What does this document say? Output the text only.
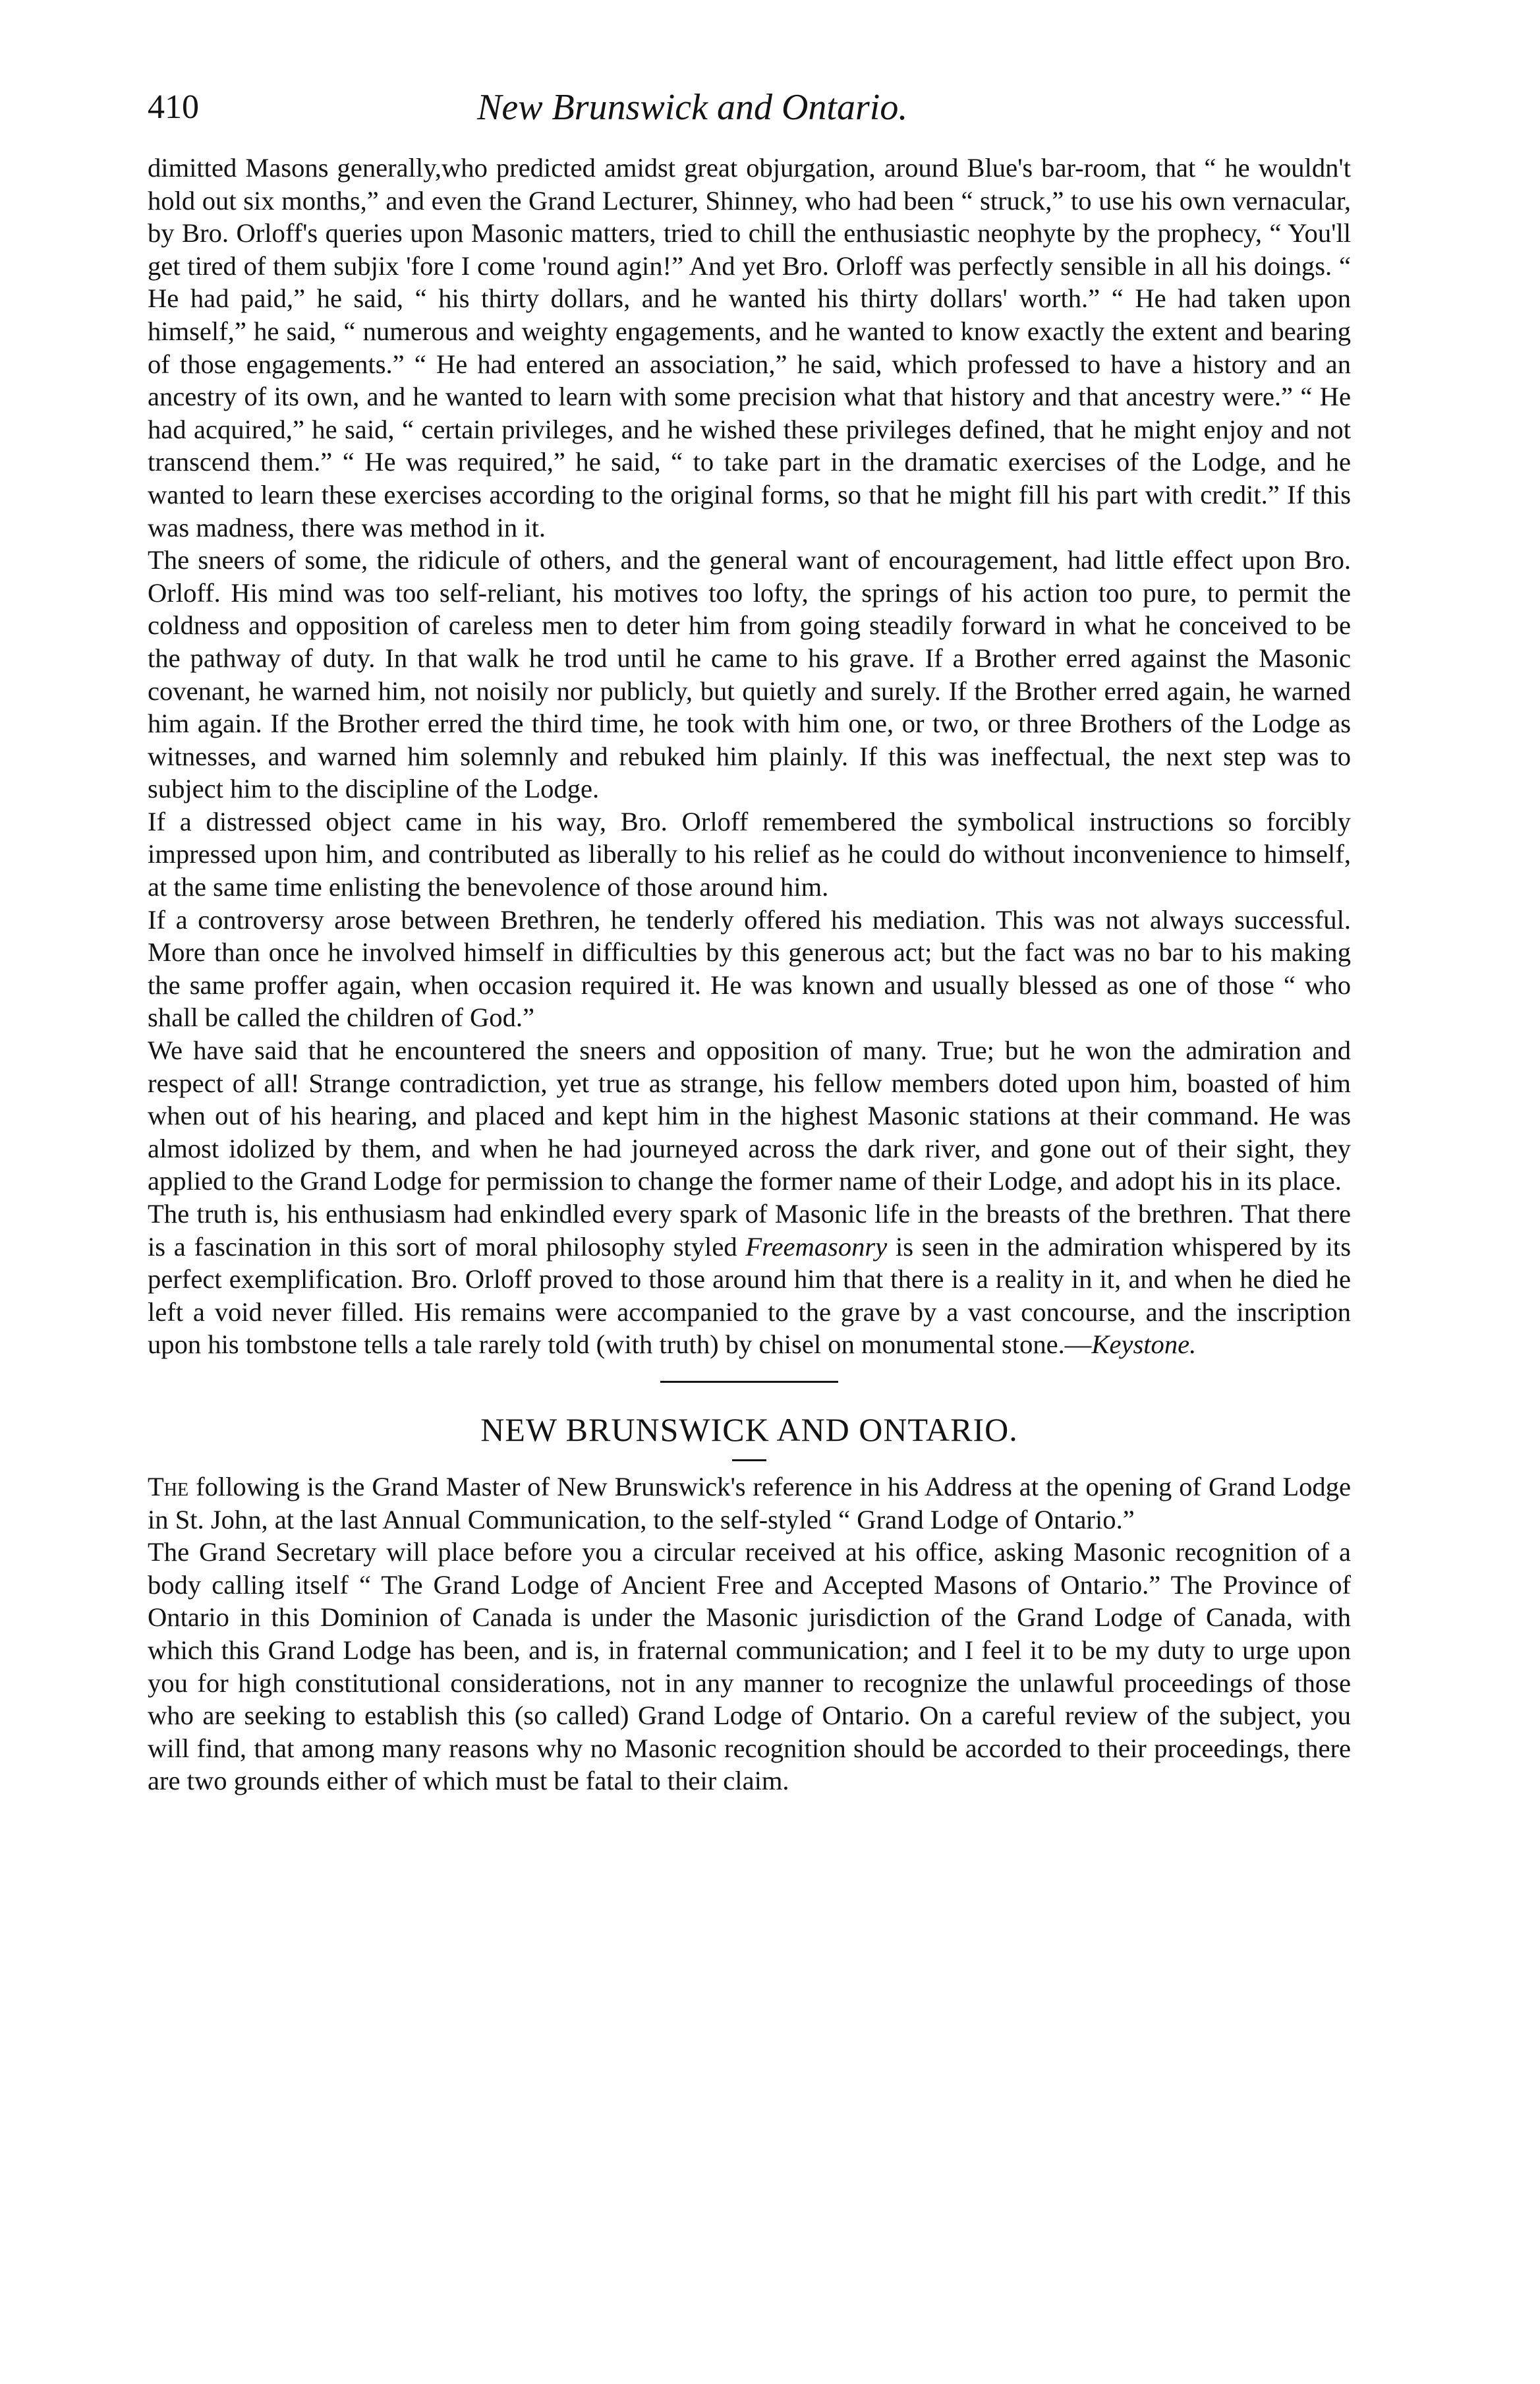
410	New Brunswick and Ontario.

dimitted Masons generally,who predicted amidst great objurgation, around Blue's bar-room, that “ he wouldn't hold out six months,” and even the Grand Lecturer, Shinney, who had been “ struck,” to use his own vernacular, by Bro. Orloff's queries upon Masonic matters, tried to chill the enthusiastic neophyte by the prophecy, “ You'll get tired of them subjix 'fore I come 'round agin!” And yet Bro. Orloff was perfectly sensible in all his doings. “ He had paid,” he said, “ his thirty dollars, and he wanted his thirty dollars' worth.” “ He had taken upon himself,” he said, “ numerous and weighty engagements, and he wanted to know exactly the extent and bearing of those engagements.” “ He had entered an association,” he said, which professed to have a history and an ancestry of its own, and he wanted to learn with some precision what that history and that ancestry were.” “ He had acquired,” he said, “ certain privileges, and he wished these privileges defined, that he might enjoy and not transcend them.” “ He was required,” he said, “ to take part in the dramatic exercises of the Lodge, and he wanted to learn these exercises according to the original forms, so that he might fill his part with credit.” If this was madness, there was method in it.

The sneers of some, the ridicule of others, and the general want of encouragement, had little effect upon Bro. Orloff. His mind was too self-reliant, his motives too lofty, the springs of his action too pure, to permit the coldness and opposition of careless men to deter him from going steadily forward in what he conceived to be the pathway of duty. In that walk he trod until he came to his grave. If a Brother erred against the Masonic covenant, he warned him, not noisily nor publicly, but quietly and surely. If the Brother erred again, he warned him again. If the Brother erred the third time, he took with him one, or two, or three Brothers of the Lodge as witnesses, and warned him solemnly and rebuked him plainly. If this was ineffectual, the next step was to subject him to the discipline of the Lodge.

If a distressed object came in his way, Bro. Orloff remembered the symbolical instructions so forcibly impressed upon him, and contributed as liberally to his relief as he could do without inconvenience to himself, at the same time enlisting the benevolence of those around him.

If a controversy arose between Brethren, he tenderly offered his mediation. This was not always successful. More than once he involved himself in difficulties by this generous act; but the fact was no bar to his making the same proffer again, when occasion required it. He was known and usually blessed as one of those “ who shall be called the children of God.”

We have said that he encountered the sneers and opposition of many. True; but he won the admiration and respect of all! Strange contradiction, yet true as strange, his fellow members doted upon him, boasted of him when out of his hearing, and placed and kept him in the highest Masonic stations at their command. He was almost idolized by them, and when he had journeyed across the dark river, and gone out of their sight, they applied to the Grand Lodge for permission to change the former name of their Lodge, and adopt his in its place.

The truth is, his enthusiasm had enkindled every spark of Masonic life in the breasts of the brethren. That there is a fascination in this sort of moral philosophy styled Freemasonry is seen in the admiration whispered by its perfect exemplification. Bro. Orloff proved to those around him that there is a reality in it, and when he died he left a void never filled. His remains were accompanied to the grave by a vast concourse, and the inscription upon his tombstone tells a tale rarely told (with truth) by chisel on monumental stone.—Keystone.

NEW BRUNSWICK AND ONTARIO.

The following is the Grand Master of New Brunswick's reference in his Address at the opening of Grand Lodge in St. John, at the last Annual Communication, to the self-styled “ Grand Lodge of Ontario.”

The Grand Secretary will place before you a circular received at his office, asking Masonic recognition of a body calling itself “ The Grand Lodge of Ancient Free and Accepted Masons of Ontario.” The Province of Ontario in this Dominion of Canada is under the Masonic jurisdiction of the Grand Lodge of Canada, with which this Grand Lodge has been, and is, in fraternal communication; and I feel it to be my duty to urge upon you for high constitutional considerations, not in any manner to recognize the unlawful proceedings of those who are seeking to establish this (so called) Grand Lodge of Ontario. On a careful review of the subject, you will find, that among many reasons why no Masonic recognition should be accorded to their proceedings, there are two grounds either of which must be fatal to their claim.
